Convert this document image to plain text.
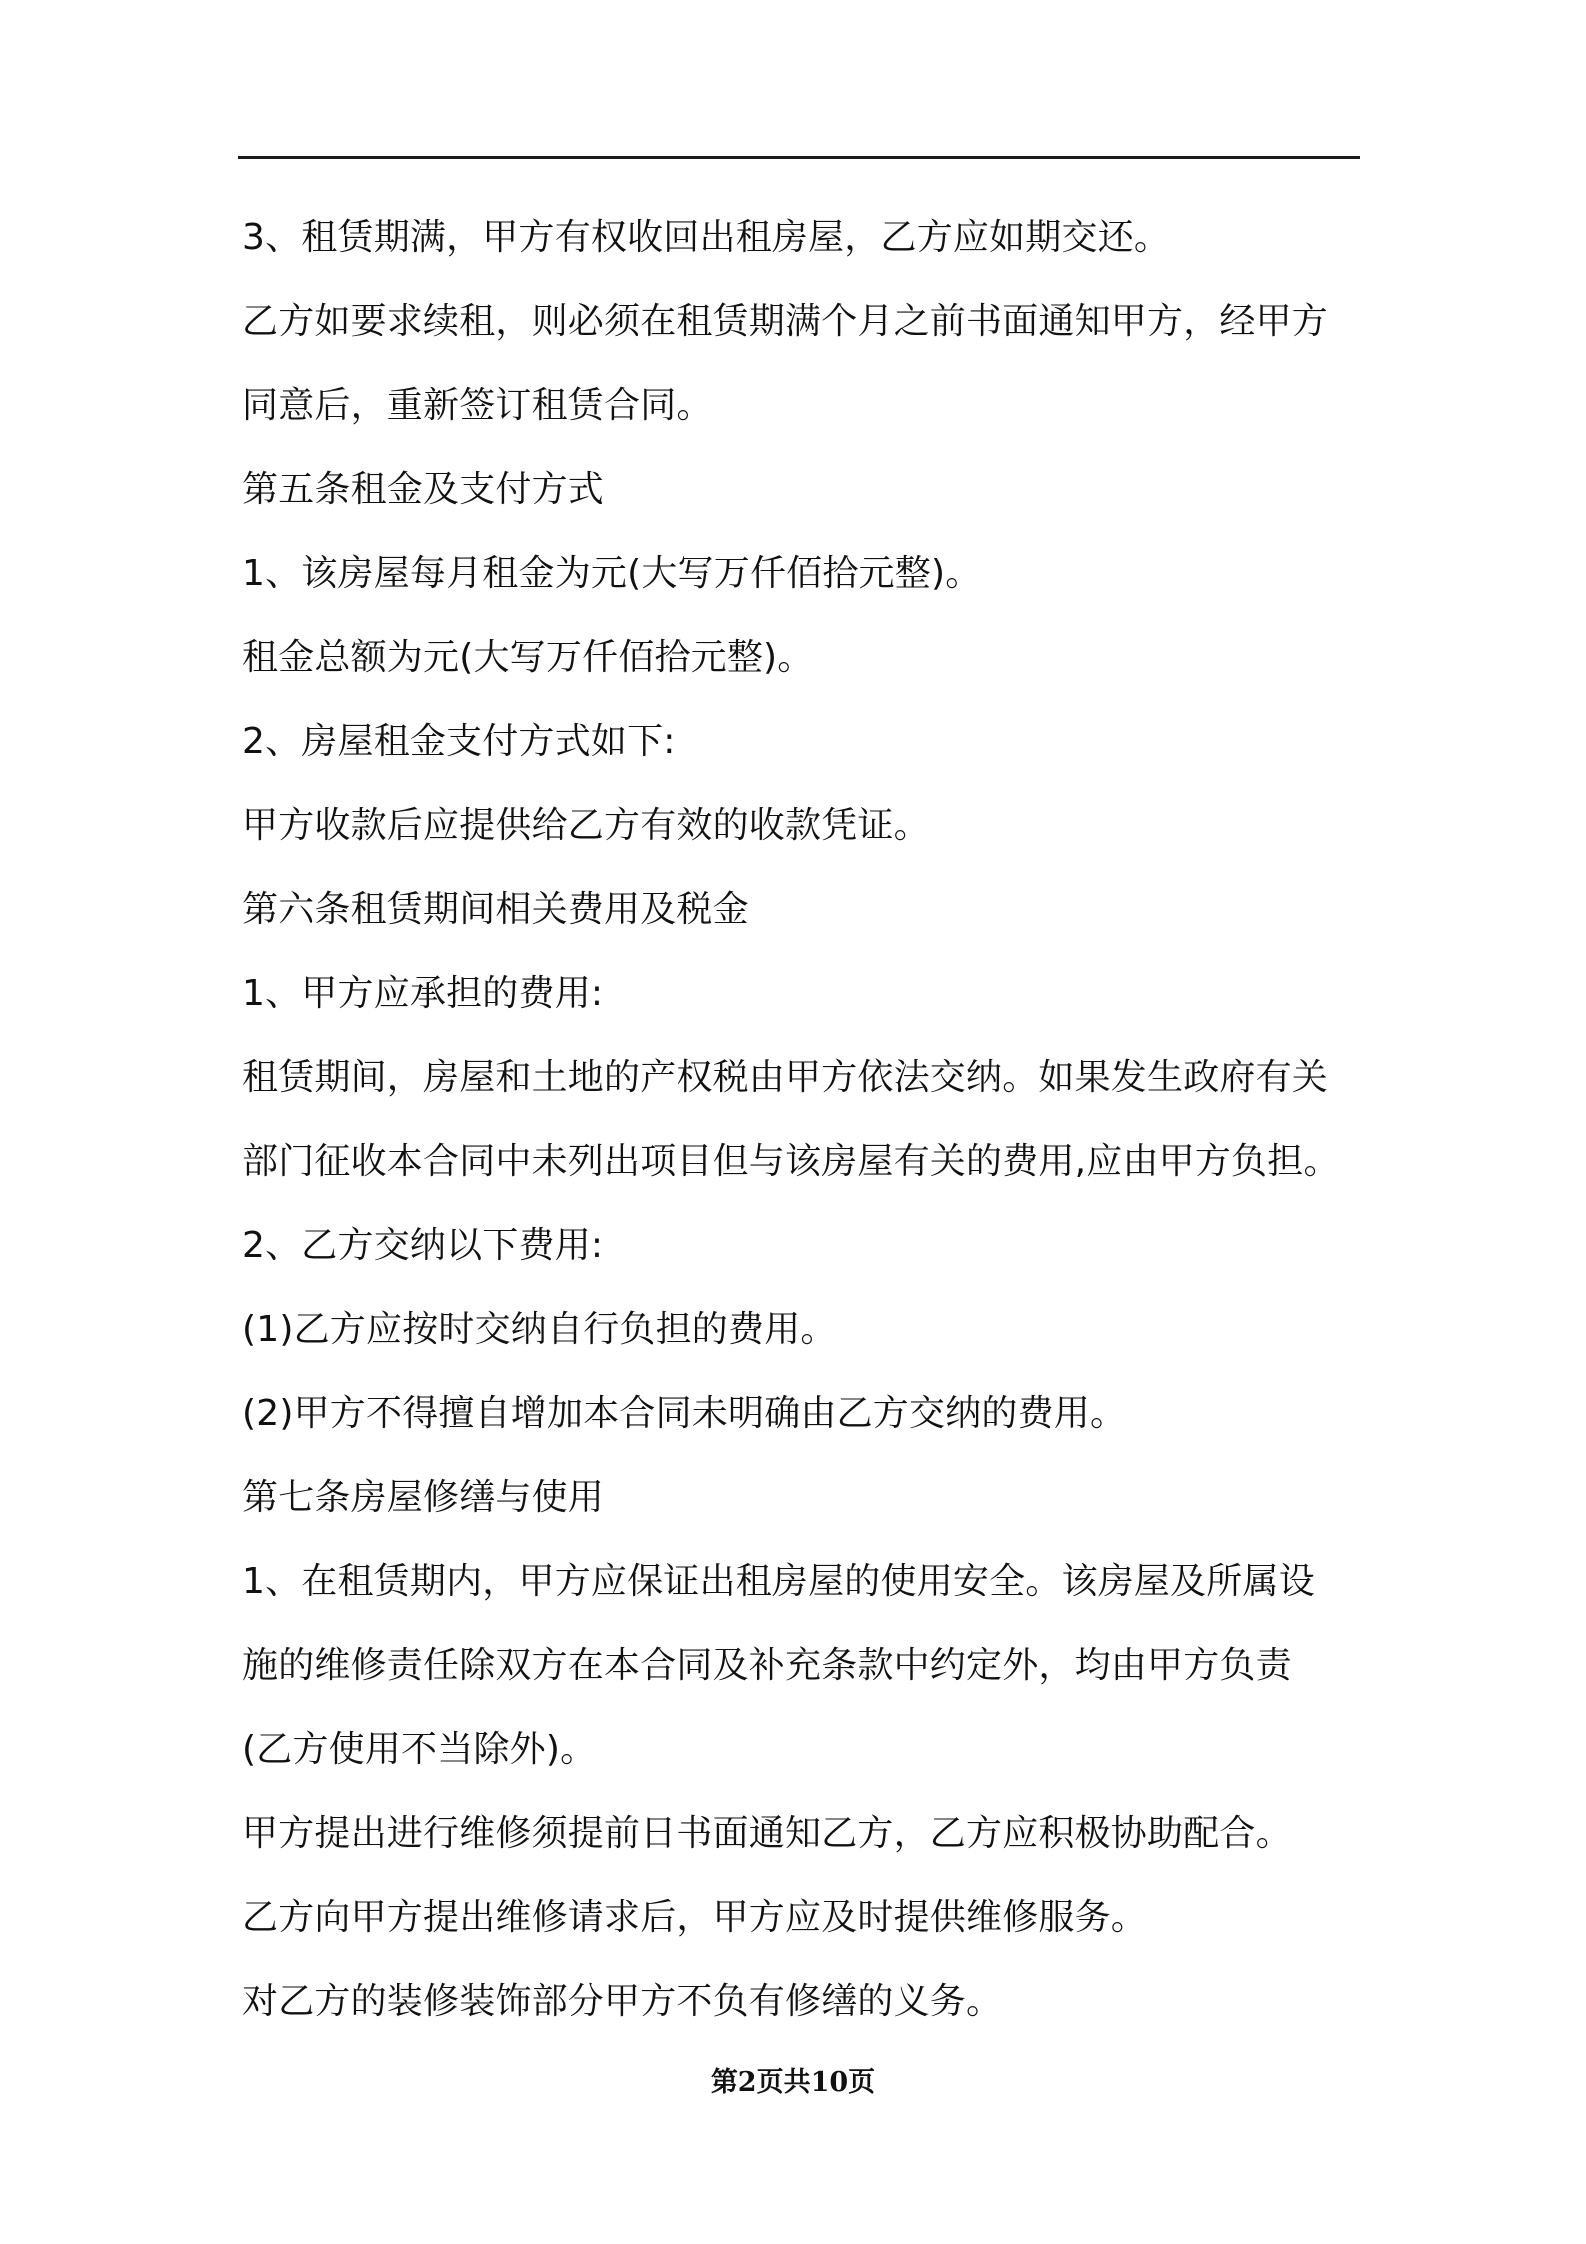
3、租赁期满，甲方有权收回出租房屋，乙方应如期交还。
乙方如要求续租，则必须在租赁期满个月之前书面通知甲方，经甲方
同意后，重新签订租赁合同。
第五条租金及支付方式
1、该房屋每月租金为元(大写万仟佰拾元整)。
租金总额为元(大写万仟佰拾元整)。
2、房屋租金支付方式如下:
甲方收款后应提供给乙方有效的收款凭证。
第六条租赁期间相关费用及税金
1、甲方应承担的费用:
租赁期间，房屋和土地的产权税由甲方依法交纳。如果发生政府有关
部门征收本合同中未列出项目但与该房屋有关的费用,应由甲方负担。
2、乙方交纳以下费用:
(1)乙方应按时交纳自行负担的费用。
(2)甲方不得擅自增加本合同未明确由乙方交纳的费用。
第七条房屋修缮与使用
1、在租赁期内，甲方应保证出租房屋的使用安全。该房屋及所属设
施的维修责任除双方在本合同及补充条款中约定外，均由甲方负责
(乙方使用不当除外)。
甲方提出进行维修须提前日书面通知乙方，乙方应积极协助配合。
乙方向甲方提出维修请求后，甲方应及时提供维修服务。
对乙方的装修装饰部分甲方不负有修缮的义务。
第2页共10页
